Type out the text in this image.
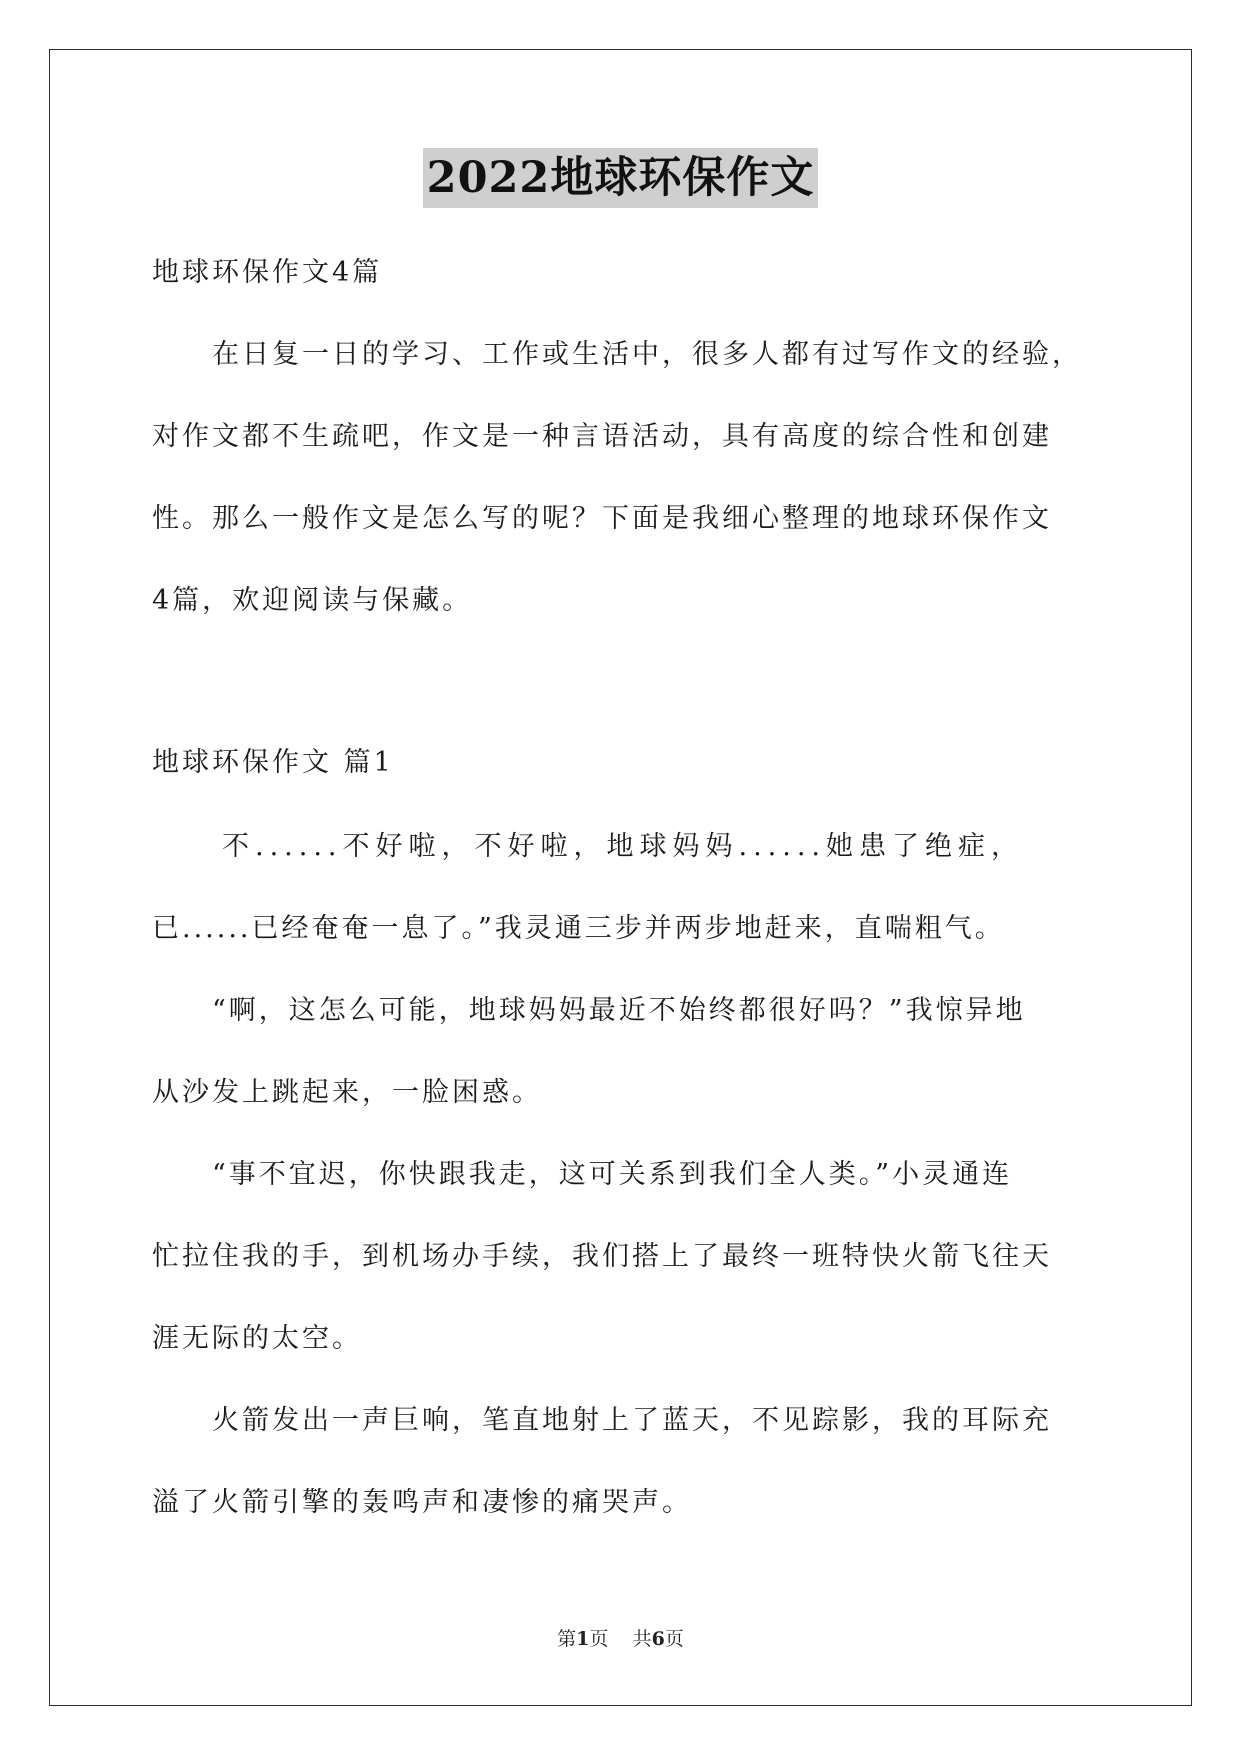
2022地球环保作文
地球环保作文4篇
在日复一日的学习、工作或生活中，很多人都有过写作文的经验，
对作文都不生疏吧，作文是一种言语活动，具有高度的综合性和创建
性。那么一般作文是怎么写的呢？下面是我细心整理的地球环保作文
4篇，欢迎阅读与保藏。
地球环保作文 篇1
不......不好啦，不好啦，地球妈妈......她患了绝症，
已......已经奄奄一息了。”我灵通三步并两步地赶来，直喘粗气。
“啊，这怎么可能，地球妈妈最近不始终都很好吗？”我惊异地
从沙发上跳起来，一脸困惑。
“事不宜迟，你快跟我走，这可关系到我们全人类。”小灵通连
忙拉住我的手，到机场办手续，我们搭上了最终一班特快火箭飞往天
涯无际的太空。
火箭发出一声巨响，笔直地射上了蓝天，不见踪影，我的耳际充
溢了火箭引擎的轰鸣声和凄惨的痛哭声。
第1页 共6页
